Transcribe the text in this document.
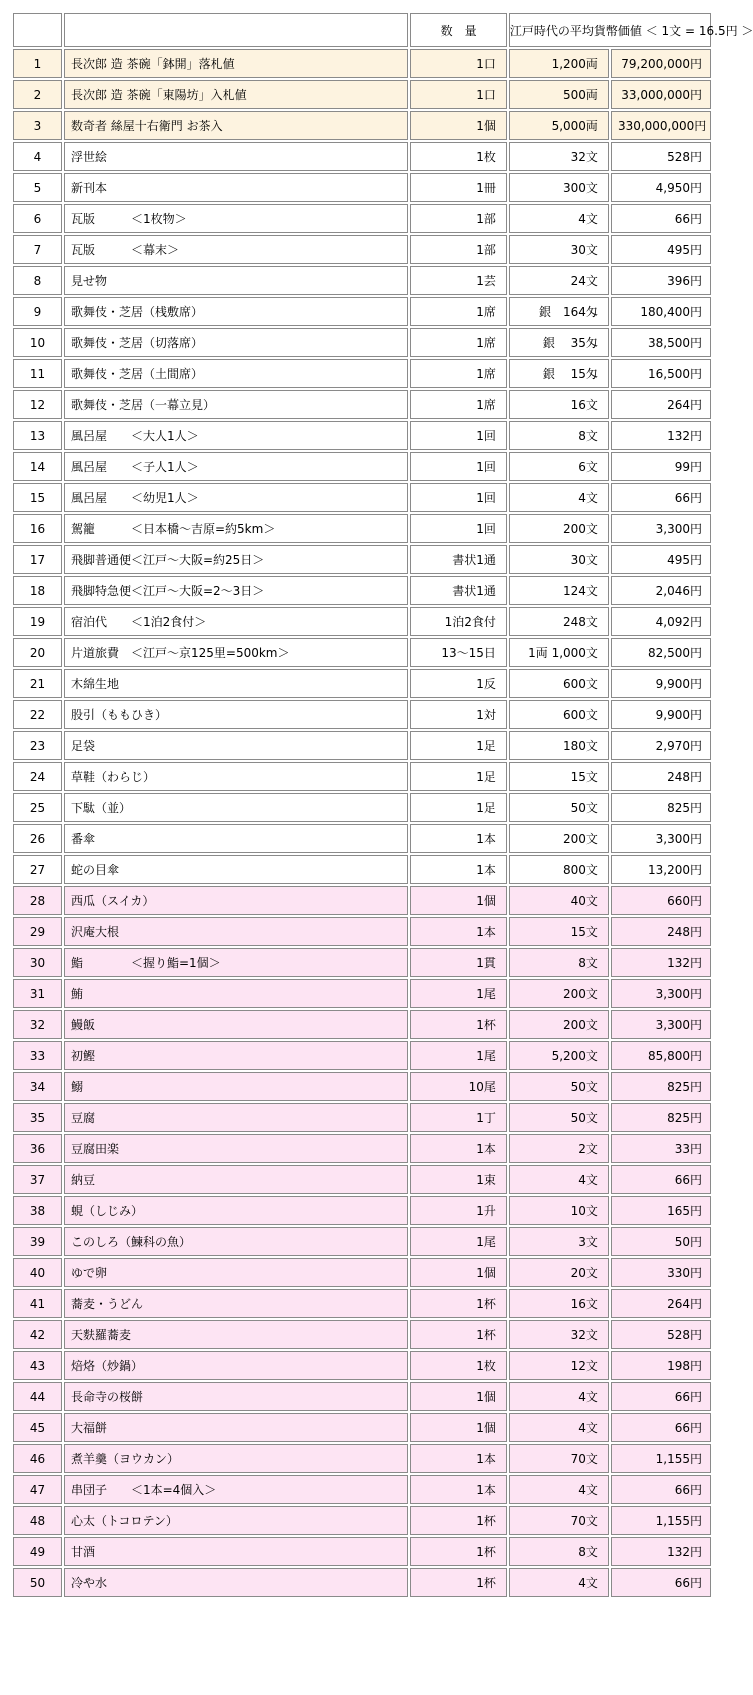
		数　量	江戸時代の平均貨幣価値 ＜ 1文 = 16.5円 ＞	
1	長次郎 造 茶碗「鉢開」落札値	1口	1,200両	79,200,000円
2	長次郎 造 茶碗「東陽坊」入札値	1口	500両	33,000,000円
3	数奇者 絲屋十右衛門 お茶入	1個	5,000両	330,000,000円
4	浮世絵	1枚	32文	528円
5	新刊本	1冊	300文	4,950円
6	瓦版　　　＜1枚物＞	1部	4文	66円
7	瓦版　　　＜幕末＞	1部	30文	495円
8	見せ物	1芸	24文	396円
9	歌舞伎・芝居（桟敷席）	1席	銀　164匁	180,400円
10	歌舞伎・芝居（切落席）	1席	銀　 35匁	38,500円
11	歌舞伎・芝居（土間席）	1席	銀　 15匁	16,500円
12	歌舞伎・芝居（一幕立見）	1席	16文	264円
13	風呂屋　　＜大人1人＞	1回	8文	132円
14	風呂屋　　＜子人1人＞	1回	6文	99円
15	風呂屋　　＜幼児1人＞	1回	4文	66円
16	駕籠　　　＜日本橋～吉原=約5km＞	1回	200文	3,300円
17	飛脚普通便＜江戸～大阪=約25日＞	書状1通	30文	495円
18	飛脚特急便＜江戸～大阪=2～3日＞	書状1通	124文	2,046円
19	宿泊代　　＜1泊2食付＞	1泊2食付	248文	4,092円
20	片道旅費　＜江戸～京125里=500km＞	13～15日	1両 1,000文	82,500円
21	木綿生地	1反	600文	9,900円
22	股引（ももひき）	1対	600文	9,900円
23	足袋	1足	180文	2,970円
24	草鞋（わらじ）	1足	15文	248円
25	下駄（並）	1足	50文	825円
26	番傘	1本	200文	3,300円
27	蛇の目傘	1本	800文	13,200円
28	西瓜（スイカ）	1個	40文	660円
29	沢庵大根	1本	15文	248円
30	鮨　　　　＜握り鮨=1個＞	1貫	8文	132円
31	鮪	1尾	200文	3,300円
32	鰻飯	1杯	200文	3,300円
33	初鰹	1尾	5,200文	85,800円
34	鰯	10尾	50文	825円
35	豆腐	1丁	50文	825円
36	豆腐田楽	1本	2文	33円
37	納豆	1束	4文	66円
38	蜆（しじみ）	1升	10文	165円
39	このしろ（鰊科の魚）	1尾	3文	50円
40	ゆで卵	1個	20文	330円
41	蕎麦・うどん	1杯	16文	264円
42	天麩羅蕎麦	1杯	32文	528円
43	焙烙（炒鍋）	1枚	12文	198円
44	長命寺の桜餅	1個	4文	66円
45	大福餅	1個	4文	66円
46	煮羊羹（ヨウカン）	1本	70文	1,155円
47	串団子　　＜1本=4個入＞	1本	4文	66円
48	心太（トコロテン）	1杯	70文	1,155円
49	甘酒	1杯	8文	132円
50	冷や水	1杯	4文	66円
